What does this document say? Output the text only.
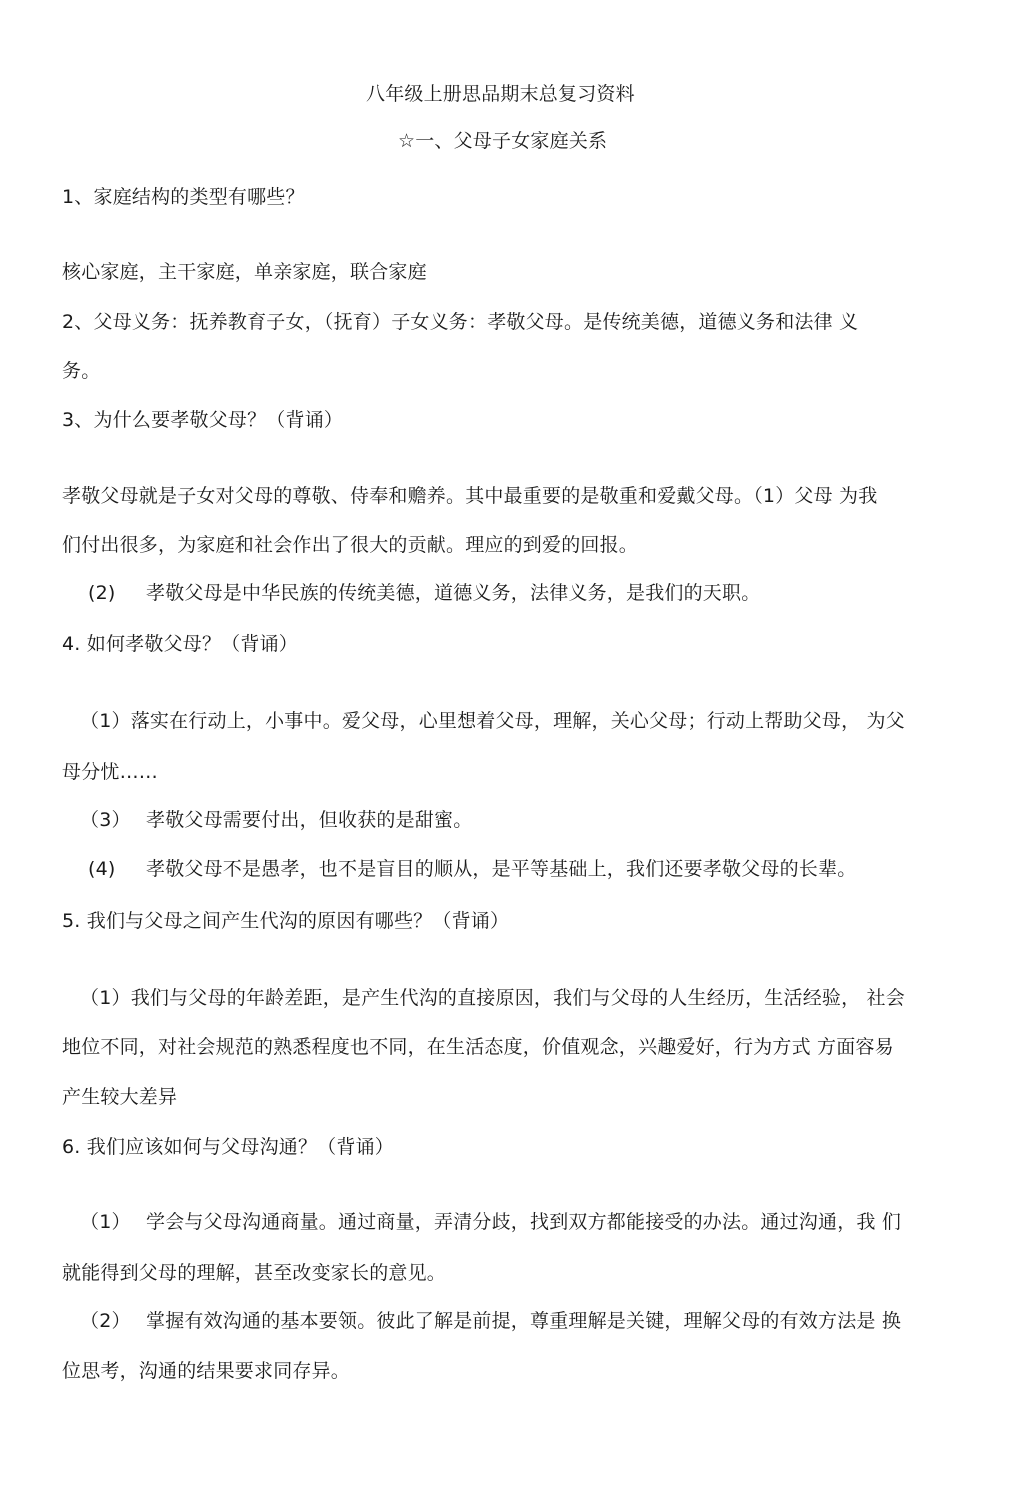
八年级上册思品期末总复习资料
☆一、父母子女家庭关系
1、家庭结构的类型有哪些？
核心家庭，主干家庭，单亲家庭，联合家庭
2、父母义务：抚养教育子女，（抚育）子女义务：孝敬父母。是传统美德，道德义务和法律 义
务。
3、为什么要孝敬父母？（背诵）
孝敬父母就是子女对父母的尊敬、侍奉和赡养。其中最重要的是敬重和爱戴父母。（1）父母 为我
们付出很多，为家庭和社会作出了很大的贡献。理应的到爱的回报。
(2) 孝敬父母是中华民族的传统美德，道德义务，法律义务，是我们的天职。
4. 如何孝敬父母？（背诵）
（1）落实在行动上，小事中。爱父母，心里想着父母，理解，关心父母；行动上帮助父母， 为父
母分忧……
（3） 孝敬父母需要付出，但收获的是甜蜜。
(4) 孝敬父母不是愚孝，也不是盲目的顺从，是平等基础上，我们还要孝敬父母的长辈。
5. 我们与父母之间产生代沟的原因有哪些？（背诵）
（1）我们与父母的年龄差距，是产生代沟的直接原因，我们与父母的人生经历，生活经验， 社会
地位不同，对社会规范的熟悉程度也不同，在生活态度，价值观念，兴趣爱好，行为方式 方面容易
产生较大差异
6. 我们应该如何与父母沟通？（背诵）
（1） 学会与父母沟通商量。通过商量，弄清分歧，找到双方都能接受的办法。通过沟通，我 们
就能得到父母的理解，甚至改变家长的意见。
（2） 掌握有效沟通的基本要领。彼此了解是前提，尊重理解是关键，理解父母的有效方法是 换
位思考，沟通的结果要求同存异。
